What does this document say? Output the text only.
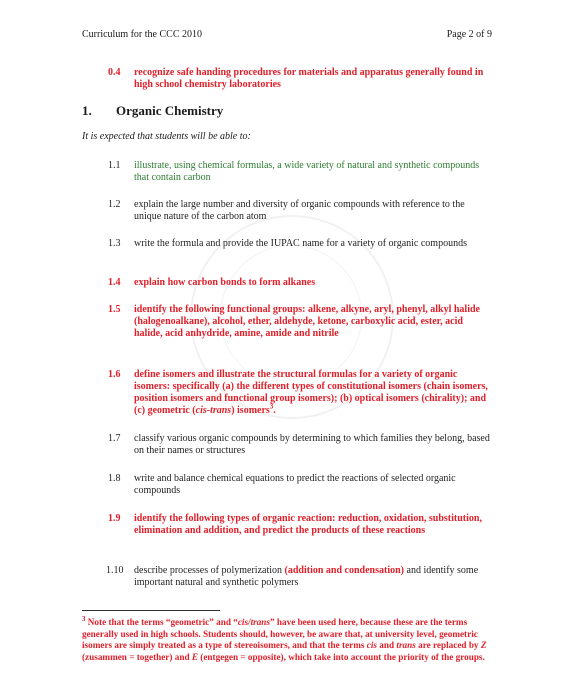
Curriculum for the CCC 2010	Page 2 of 9
0.4 recognize safe handing procedures for materials and apparatus generally found in high school chemistry laboratories
1. Organic Chemistry
It is expected that students will be able to:
1.1 illustrate, using chemical formulas, a wide variety of natural and synthetic compounds that contain carbon
1.2 explain the large number and diversity of organic compounds with reference to the unique nature of the carbon atom
1.3 write the formula and provide the IUPAC name for a variety of organic compounds
1.4 explain how carbon bonds to form alkanes
1.5 identify the following functional groups: alkene, alkyne, aryl, phenyl, alkyl halide (halogenoalkane), alcohol, ether, aldehyde, ketone, carboxylic acid, ester, acid halide, acid anhydride, amine, amide and nitrile
1.6 define isomers and illustrate the structural formulas for a variety of organic isomers: specifically (a) the different types of constitutional isomers (chain isomers, position isomers and functional group isomers); (b) optical isomers (chirality); and (c) geometric (cis-trans) isomers$^3$.
1.7 classify various organic compounds by determining to which families they belong, based on their names or structures
1.8 write and balance chemical equations to predict the reactions of selected organic compounds
1.9 identify the following types of organic reaction: reduction, oxidation, substitution, elimination and addition, and predict the products of these reactions
1.10 describe processes of polymerization (addition and condensation) and identify some important natural and synthetic polymers
$^3$ Note that the terms “geometric” and “cis/trans” have been used here, because these are the terms generally used in high schools. Students should, however, be aware that, at university level, geometric isomers are simply treated as a type of stereoisomers, and that the terms cis and trans are replaced by Z (zusammen = together) and E (entgegen = opposite), which take into account the priority of the groups.
